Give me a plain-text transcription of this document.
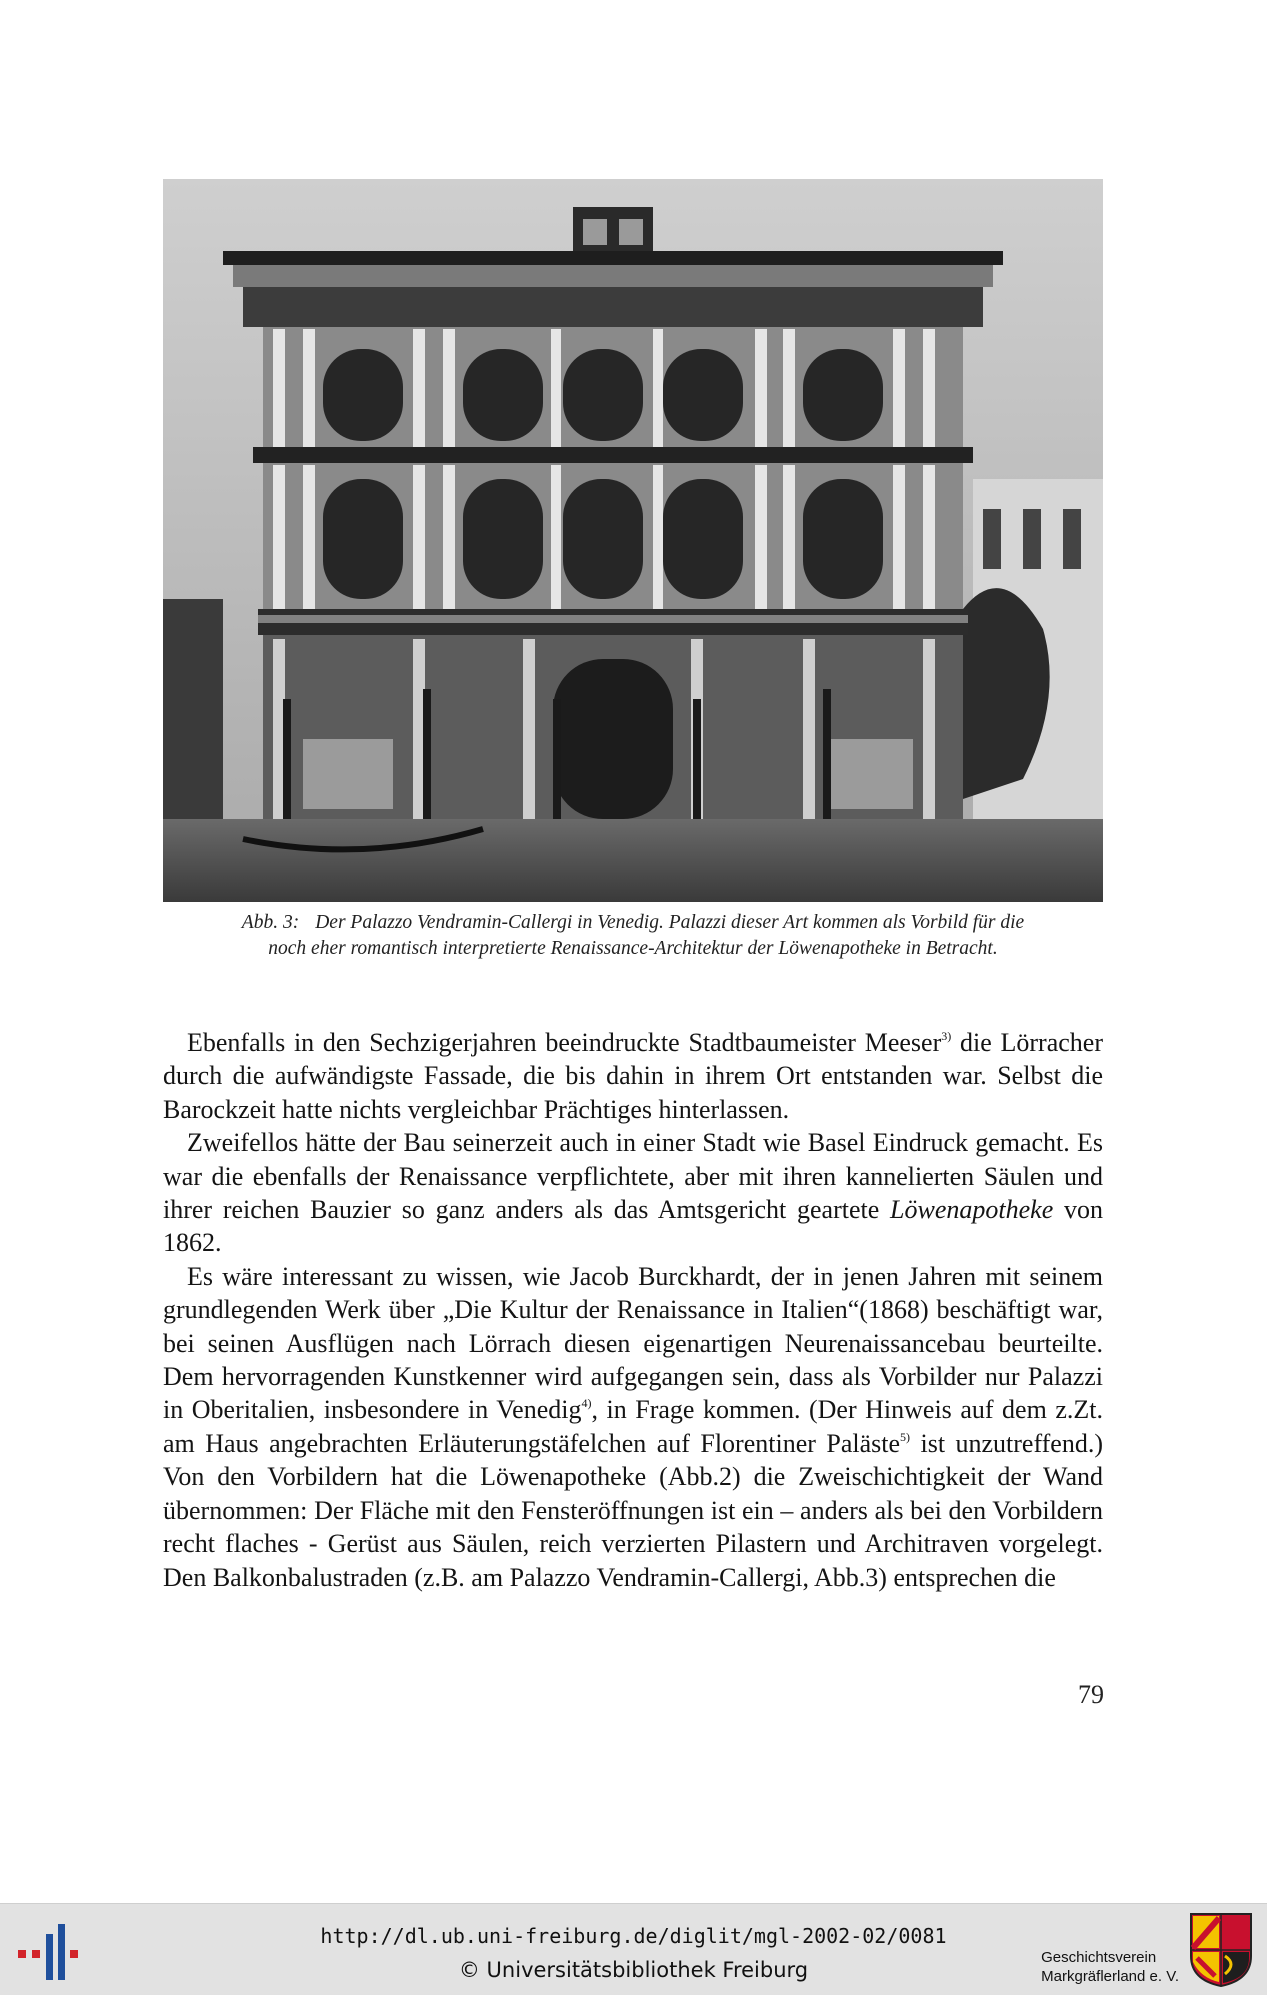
Abb. 3: Der Palazzo Vendramin-Callergi in Venedig. Palazzi dieser Art kommen als Vorbild für die
noch eher romantisch interpretierte Renaissance-Architektur der Löwenapotheke in Betracht.

Ebenfalls in den Sechzigerjahren beeindruckte Stadtbaumeister Meeser$^{3)}$ die Lörracher durch die aufwändigste Fassade, die bis dahin in ihrem Ort entstanden war. Selbst die Barockzeit hatte nichts vergleichbar Prächtiges hinterlassen.

Zweifellos hätte der Bau seinerzeit auch in einer Stadt wie Basel Eindruck gemacht. Es war die ebenfalls der Renaissance verpflichtete, aber mit ihren kannelierten Säulen und ihrer reichen Bauzier so ganz anders als das Amtsgericht geartete Löwenapotheke von 1862.

Es wäre interessant zu wissen, wie Jacob Burckhardt, der in jenen Jahren mit seinem grundlegenden Werk über „Die Kultur der Renaissance in Italien“(1868) beschäftigt war, bei seinen Ausflügen nach Lörrach diesen eigenartigen Neurenaissancebau beurteilte. Dem hervorragenden Kunstkenner wird aufgegangen sein, dass als Vorbilder nur Palazzi in Oberitalien, insbesondere in Venedig$^{4)}$, in Frage kommen. (Der Hinweis auf dem z.Zt. am Haus angebrachten Erläuterungstäfelchen auf Florentiner Paläste$^{5)}$ ist unzutreffend.) Von den Vorbildern hat die Löwenapotheke (Abb.2) die Zweischichtigkeit der Wand übernommen: Der Fläche mit den Fensteröffnungen ist ein – anders als bei den Vorbildern recht flaches - Gerüst aus Säulen, reich verzierten Pilastern und Architraven vorgelegt. Den Balkonbalustraden (z.B. am Palazzo Vendramin-Callergi, Abb.3) entsprechen die

79
http://dl.ub.uni-freiburg.de/diglit/mgl-2002-02/0081
© Universitätsbibliothek Freiburg
Geschichtsverein
Markgräflerland e. V.
